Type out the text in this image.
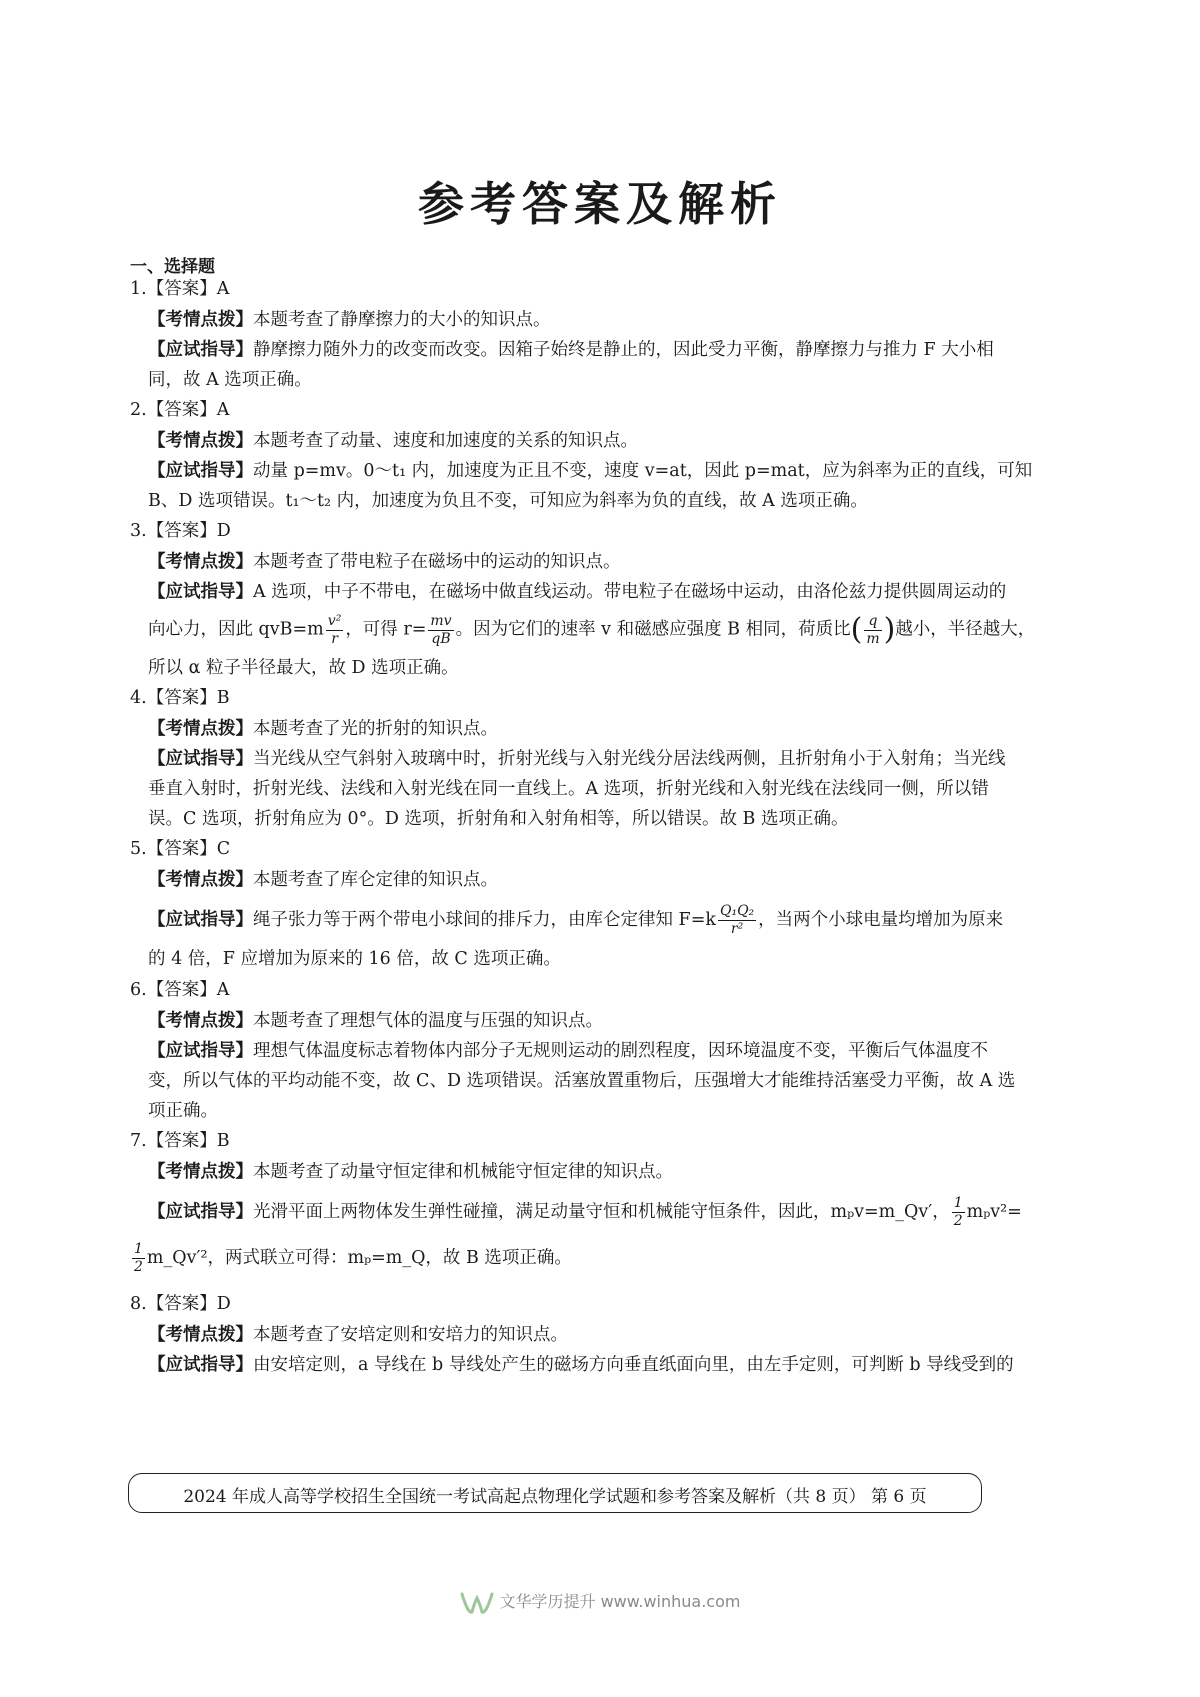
参考答案及解析
一、选择题
1.【答案】A
【考情点拨】本题考查了静摩擦力的大小的知识点。
【应试指导】静摩擦力随外力的改变而改变。因箱子始终是静止的，因此受力平衡，静摩擦力与推力 F 大小相
同，故 A 选项正确。
2.【答案】A
【考情点拨】本题考查了动量、速度和加速度的关系的知识点。
【应试指导】动量 p=mv。0～t₁ 内，加速度为正且不变，速度 v=at，因此 p=mat，应为斜率为正的直线，可知
B、D 选项错误。t₁～t₂ 内，加速度为负且不变，可知应为斜率为负的直线，故 A 选项正确。
3.【答案】D
【考情点拨】本题考查了带电粒子在磁场中的运动的知识点。
【应试指导】A 选项，中子不带电，在磁场中做直线运动。带电粒子在磁场中运动，由洛伦兹力提供圆周运动的
向心力，因此 $qvB=m \frac{\text{v²}}{r}$ ，可得 $r= \frac{mv}{qB}$ 。因为它们的速率 v 和磁感应强度 B 相同，荷质比( $\frac{q}{m}$ )越小，半径越大，
所以 α 粒子半径最大，故 D 选项正确。
4.【答案】B
【考情点拨】本题考查了光的折射的知识点。
【应试指导】当光线从空气斜射入玻璃中时，折射光线与入射光线分居法线两侧，且折射角小于入射角；当光线
垂直入射时，折射光线、法线和入射光线在同一直线上。A 选项，折射光线和入射光线在法线同一侧，所以错
误。C 选项，折射角应为 0°。D 选项，折射角和入射角相等，所以错误。故 B 选项正确。
5.【答案】C
【考情点拨】本题考查了库仑定律的知识点。
【应试指导】绳子张力等于两个带电小球间的排斥力，由库仑定律知 $F=k \frac{\text{Q₁Q₂}}{\text{r²}}$ ，当两个小球电量均增加为原来
的 4 倍，F 应增加为原来的 16 倍，故 C 选项正确。
6.【答案】A
【考情点拨】本题考查了理想气体的温度与压强的知识点。
【应试指导】理想气体温度标志着物体内部分子无规则运动的剧烈程度，因环境温度不变，平衡后气体温度不
变，所以气体的平均动能不变，故 C、D 选项错误。活塞放置重物后，压强增大才能维持活塞受力平衡，故 A 选
项正确。
7.【答案】B
【考情点拨】本题考查了动量守恒定律和机械能守恒定律的知识点。
【应试指导】光滑平面上两物体发生弹性碰撞，满足动量守恒和机械能守恒条件，因此，mₚv=m_Qv′， $\frac{1}{2} m_pv^2=$
$\frac{1}{2}$ m_Qv′²，两式联立可得：mₚ=m_Q，故 B 选项正确。
8.【答案】D
【考情点拨】本题考查了安培定则和安培力的知识点。
【应试指导】由安培定则，a 导线在 b 导线处产生的磁场方向垂直纸面向里，由左手定则，可判断 b 导线受到的
2024 年成人高等学校招生全国统一考试高起点物理化学试题和参考答案及解析（共 8 页） 第 6 页
文华学历提升 www.winhua.com
